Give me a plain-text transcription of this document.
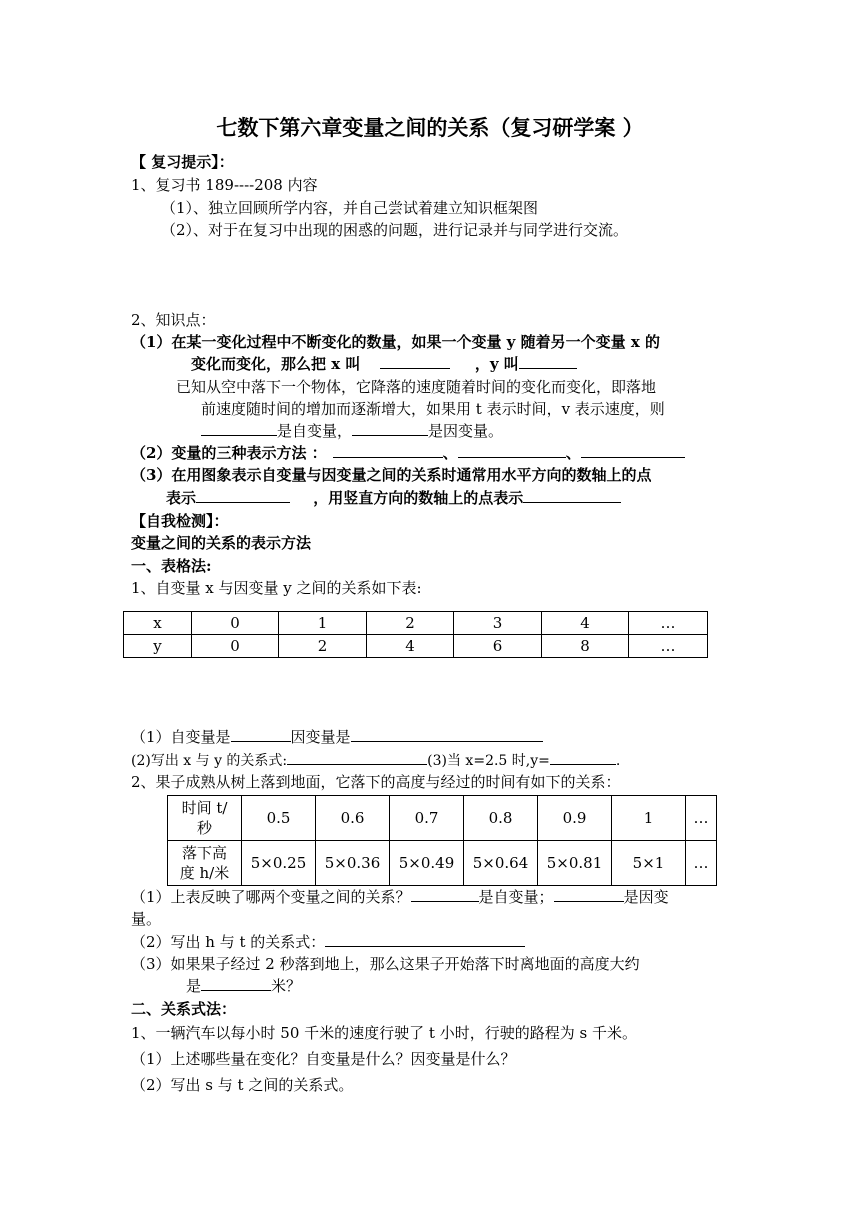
七数下第六章变量之间的关系（复习研学案 ）
【 复习提示】：
1、复习书 189----208 内容
（1）、独立回顾所学内容，并自己尝试着建立知识框架图
（2）、对于在复习中出现的困惑的问题，进行记录并与同学进行交流。
2、知识点：
（1）在某一变化过程中不断变化的数量，如果一个变量 y 随着另一个变量 x 的
变化而变化，那么把 x 叫	，y 叫
已知从空中落下一个物体，它降落的速度随着时间的变化而变化，即落地
前速度随时间的增加而逐渐增大，如果用 t 表示时间，v 表示速度，则
是自变量，	是因变量。
（2）变量的三种表示方法 ：	、	、
（3）在用图象表示自变量与因变量之间的关系时通常用水平方向的数轴上的点
表示	，用竖直方向的数轴上的点表示
【自我检测】：
变量之间的关系的表示方法
一、表格法:
1、自变量 x 与因变量 y 之间的关系如下表:
x	0	1	2	3	4	…
y	0	2	4	6	8	…
（1）自变量是	因变量是
(2)写出 x 与 y 的关系式:	(3)当 x=2.5 时,y=	.
2、果子成熟从树上落到地面，它落下的高度与经过的时间有如下的关系：
时间 t/
秒	0.5	0.6	0.7	0.8	0.9	1	…
落下高
度 h/米	5×0.25	5×0.36	5×0.49	5×0.64	5×0.81	5×1	…
（1）上表反映了哪两个变量之间的关系？	是自变量；	是因变
量。
（2）写出 h 与 t 的关系式：
（3）如果果子经过 2 秒落到地上，那么这果子开始落下时离地面的高度大约
是	米？
二、关系式法：
1、一辆汽车以每小时 50 千米的速度行驶了 t 小时，行驶的路程为 s 千米。
（1）上述哪些量在变化？自变量是什么？因变量是什么？
（2）写出 s 与 t 之间的关系式。
